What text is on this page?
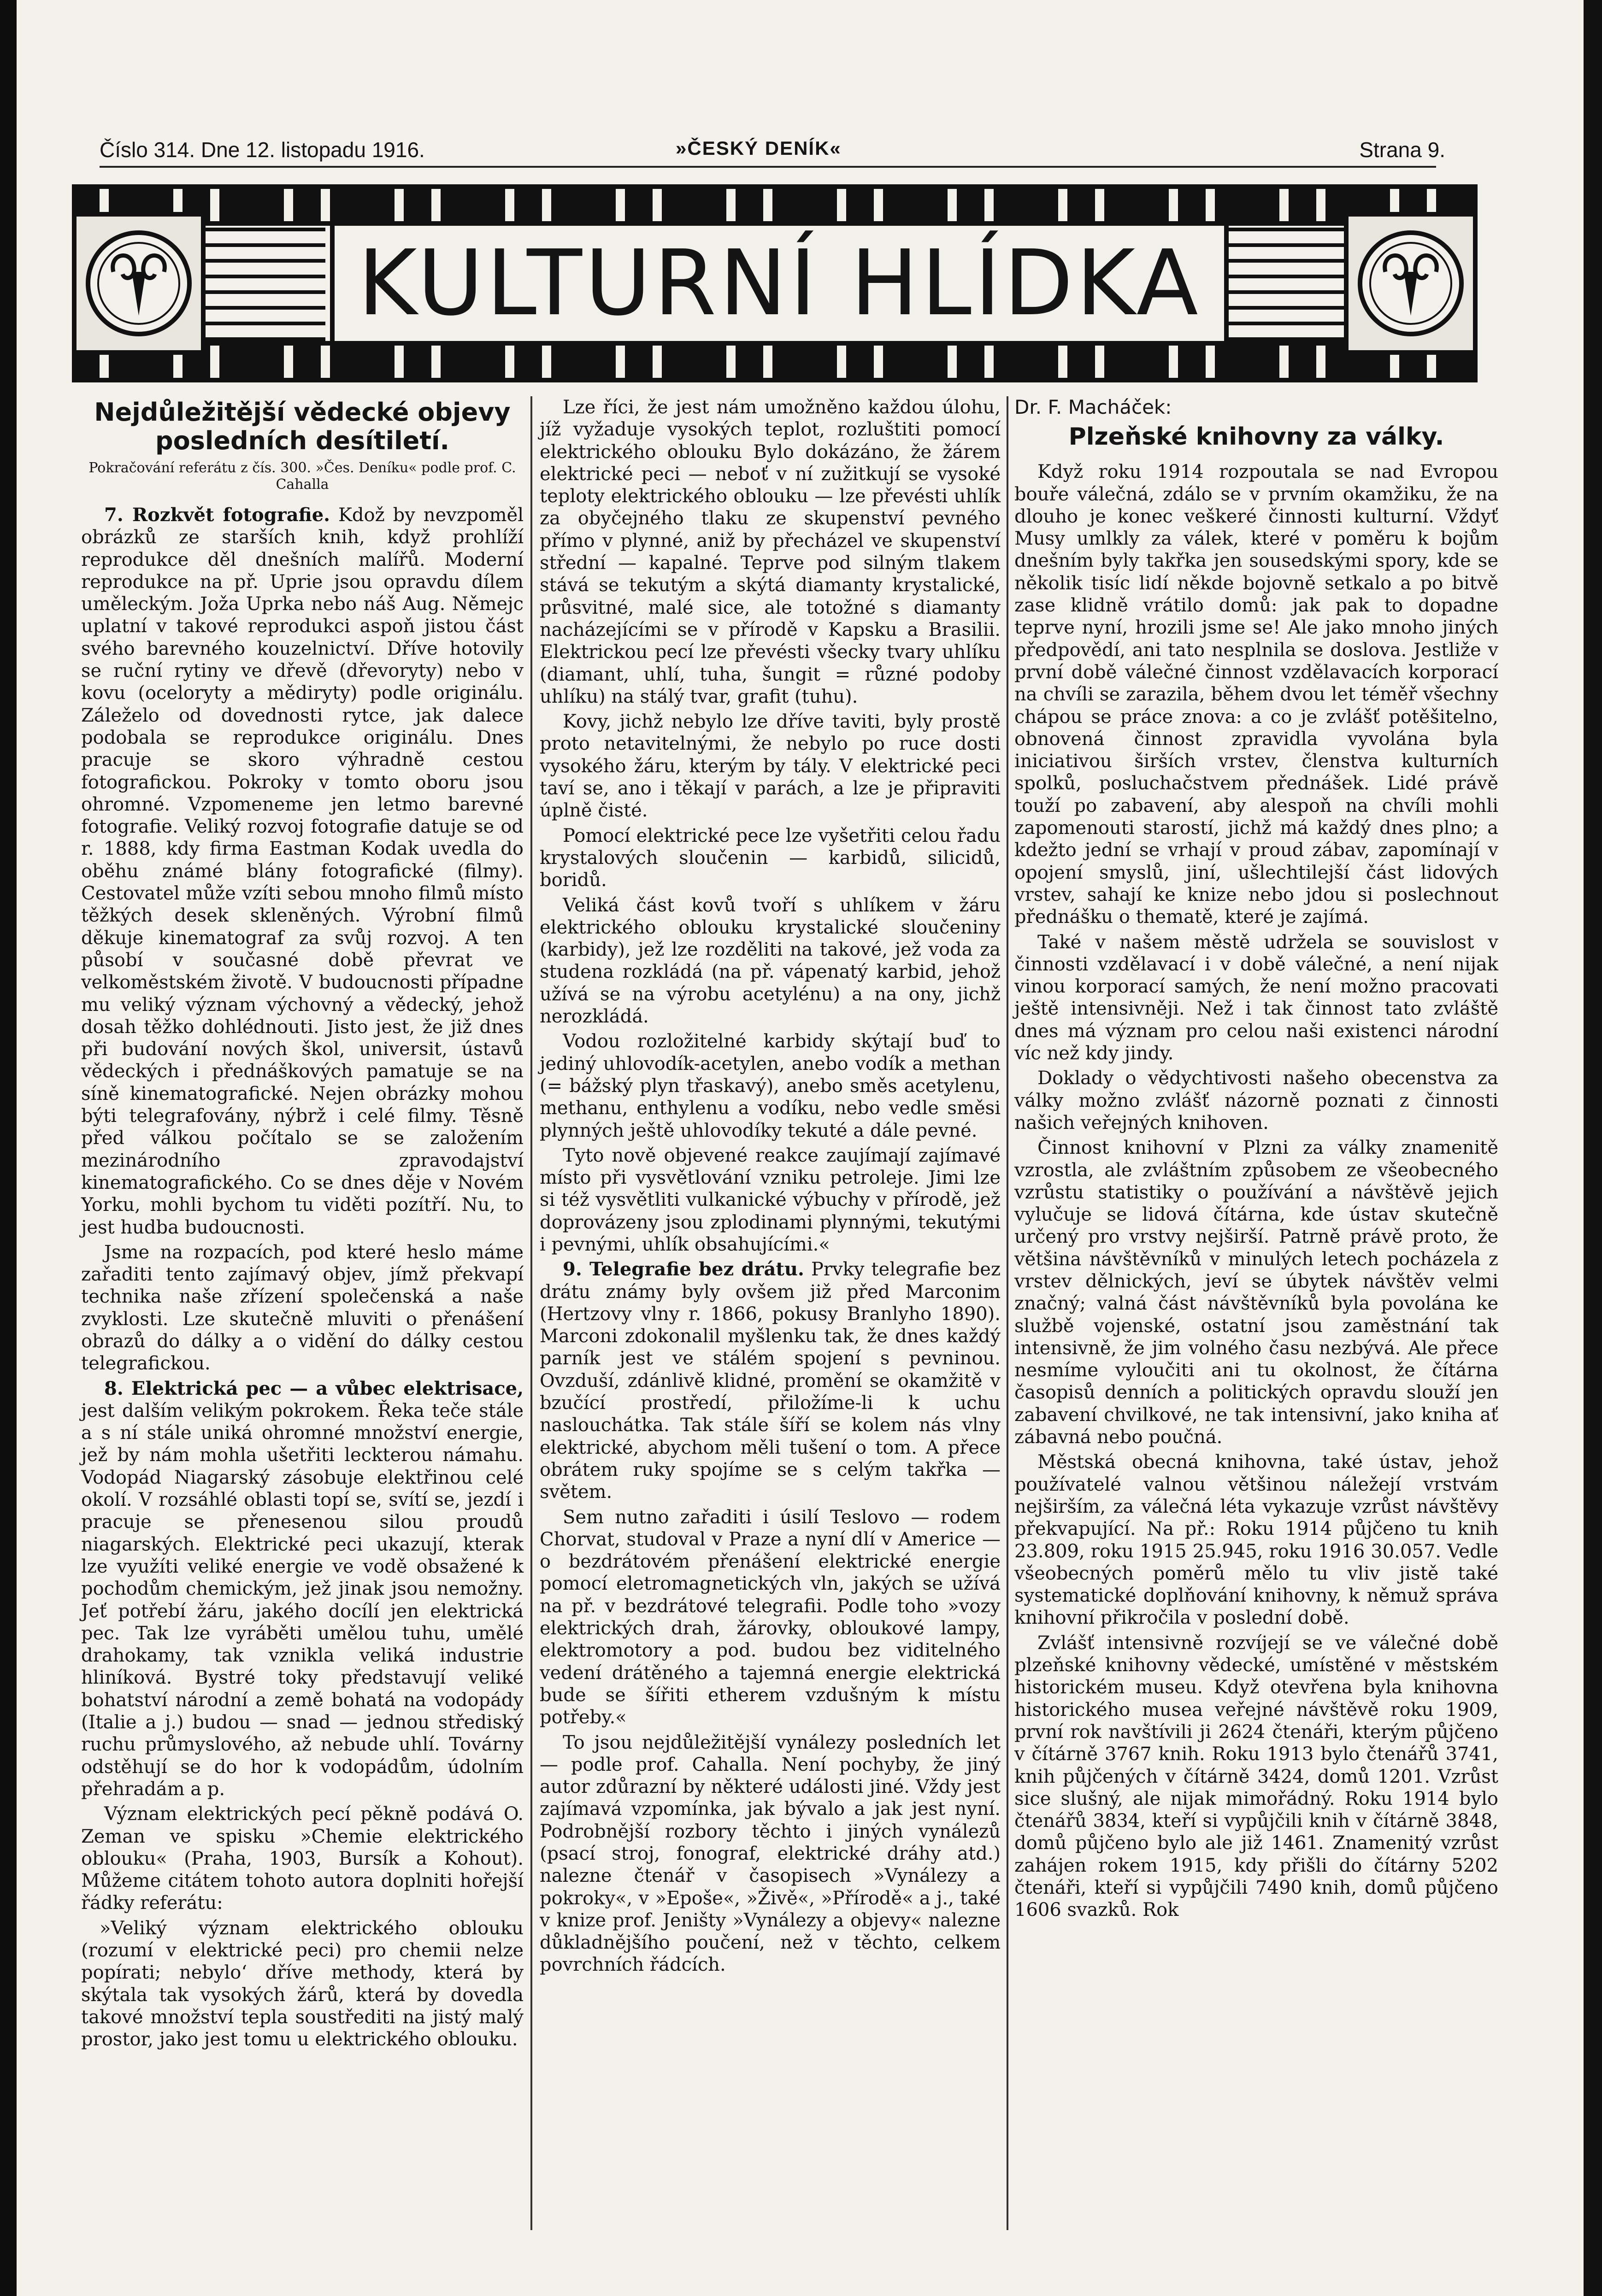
Číslo 314. Dne 12. listopadu 1916.	»ČESKÝ DENÍK«	Strana 9.
KULTURNÍ HLÍDKA
Nejdůležitější vědecké objevy posledních desítiletí.
Pokračování referátu z čís. 300. »Čes. Deníku« podle prof. C. Cahalla

7. Rozkvět fotografie. Kdož by nevzpoměl obrázků ze starších knih, když prohlíží reprodukce děl dnešních malířů. Moderní reprodukce na př. Uprie jsou opravdu dílem uměleckým. Joža Uprka nebo náš Aug. Němejc uplatní v takové reprodukci aspoň jistou část svého barevného kouzelnictví. Dříve hotovily se ruční rytiny ve dřevě (dřevoryty) nebo v kovu (oceloryty a mědiryty) podle originálu. Záleželo od dovednosti rytce, jak dalece podobala se reprodukce originálu. Dnes pracuje se skoro výhradně cestou fotografickou. Pokroky v tomto oboru jsou ohromné. Vzpomeneme jen letmo barevné fotografie. Veliký rozvoj fotografie datuje se od r. 1888, kdy firma Eastman Kodak uvedla do oběhu známé blány fotografické (filmy). Cestovatel může vzíti sebou mnoho filmů místo těžkých desek skleněných. Výrobní filmů děkuje kinematograf za svůj rozvoj. A ten působí v současné době převrat ve velkoměstském životě. V budoucnosti případne mu veliký význam výchovný a vědecký, jehož dosah těžko dohlédnouti. Jisto jest, že již dnes při budování nových škol, universit, ústavů vědeckých i přednáškových pamatuje se na síně kinematografické. Nejen obrázky mohou býti telegrafovány, nýbrž i celé filmy. Těsně před válkou počítalo se se založením mezinárodního zpravodajství kinematografického. Co se dnes děje v Novém Yorku, mohli bychom tu viděti pozítří. Nu, to jest hudba budoucnosti.

Jsme na rozpacích, pod které heslo máme zařaditi tento zajímavý objev, jímž překvapí technika naše zřízení společenská a naše zvyklosti. Lze skutečně mluviti o přenášení obrazů do dálky a o vidění do dálky cestou telegrafickou.

8. Elektrická pec — a vůbec elektrisace, jest dalším velikým pokrokem. Řeka teče stále a s ní stále uniká ohromné množství energie, jež by nám mohla ušetřiti leckterou námahu. Vodopád Niagarský zásobuje elektřinou celé okolí. V rozsáhlé oblasti topí se, svítí se, jezdí i pracuje se přenesenou silou proudů niagarských. Elektrické peci ukazují, kterak lze využíti veliké energie ve vodě obsažené k pochodům chemickým, jež jinak jsou nemožny. Jeť potřebí žáru, jakého docílí jen elektrická pec. Tak lze vyráběti umělou tuhu, umělé drahokamy, tak vznikla veliká industrie hliníková. Bystré toky představují veliké bohatství národní a země bohatá na vodopády (Italie a j.) budou — snad — jednou střediský ruchu průmyslového, až nebude uhlí. Továrny odstěhují se do hor k vodopádům, údolním přehradám a p.

Význam elektrických pecí pěkně podává O. Zeman ve spisku »Chemie elektrického oblouku« (Praha, 1903, Bursík a Kohout). Můžeme citátem tohoto autora doplniti hořejší řádky referátu:

»Veliký význam elektrického oblouku (rozumí v elektrické peci) pro chemii nelze popírati; nebylo‘ dříve methody, která by skýtala tak vysokých žárů, která by dovedla takové množství tepla soustřediti na jistý malý prostor, jako jest tomu u elektrického oblouku.

Lze říci, že jest nám umožněno každou úlohu, jíž vyžaduje vysokých teplot, rozluštiti pomocí elektrického oblouku Bylo dokázáno, že žárem elektrické peci — neboť v ní zužitkují se vysoké teploty elektrického oblouku — lze převésti uhlík za obyčejného tlaku ze skupenství pevného přímo v plynné, aniž by přecházel ve skupenství střední — kapalné. Teprve pod silným tlakem stává se tekutým a skýtá diamanty krystalické, průsvitné, malé sice, ale totožné s diamanty nacházejícími se v přírodě v Kapsku a Brasilii. Elektrickou pecí lze převésti všecky tvary uhlíku (diamant, uhlí, tuha, šungit = různé podoby uhlíku) na stálý tvar, grafit (tuhu).

Kovy, jichž nebylo lze dříve taviti, byly prostě proto netavitelnými, že nebylo po ruce dosti vysokého žáru, kterým by tály. V elektrické peci taví se, ano i těkají v parách, a lze je připraviti úplně čisté.

Pomocí elektrické pece lze vyšetřiti celou řadu krystalových sloučenin — karbidů, silicidů, boridů.

Veliká část kovů tvoří s uhlíkem v žáru elektrického oblouku krystalické sloučeniny (karbidy), jež lze rozděliti na takové, jež voda za studena rozkládá (na př. vápenatý karbid, jehož užívá se na výrobu acetylénu) a na ony, jichž nerozkládá.

Vodou rozložitelné karbidy skýtají buď to jediný uhlovodík-acetylen, anebo vodík a methan (= bážský plyn třaskavý), anebo směs acetylenu, methanu, enthylenu a vodíku, nebo vedle směsi plynných ještě uhlovodíky tekuté a dále pevné.

Tyto nově objevené reakce zaujímají zajímavé místo při vysvětlování vzniku petroleje. Jimi lze si též vysvětliti vulkanické výbuchy v přírodě, jež doprovázeny jsou zplodinami plynnými, tekutými i pevnými, uhlík obsahujícími.«

9. Telegrafie bez drátu. Prvky telegrafie bez drátu známy byly ovšem již před Marconim (Hertzovy vlny r. 1866, pokusy Branlyho 1890). Marconi zdokonalil myšlenku tak, že dnes každý parník jest ve stálém spojení s pevninou. Ovzduší, zdánlivě klidné, promění se okamžitě v bzučící prostředí, přiložíme-li k uchu naslouchátka. Tak stále šíří se kolem nás vlny elektrické, abychom měli tušení o tom. A přece obrátem ruky spojíme se s celým takřka — světem.

Sem nutno zařaditi i úsilí Teslovo — rodem Chorvat, studoval v Praze a nyní dlí v Americe — o bezdrátovém přenášení elektrické energie pomocí eletromagnetických vln, jakých se užívá na př. v bezdrátové telegrafii. Podle toho »vozy elektrických drah, žárovky, obloukové lampy, elektromotory a pod. budou bez viditelného vedení drátěného a tajemná energie elektrická bude se šířiti etherem vzdušným k místu potřeby.«

To jsou nejdůležitější vynálezy posledních let — podle prof. Cahalla. Není pochyby, že jiný autor zdůrazní by některé události jiné. Vždy jest zajímavá vzpomínka, jak bývalo a jak jest nyní. Podrobnější rozbory těchto i jiných vynálezů (psací stroj, fonograf, elektrické dráhy atd.) nalezne čtenář v časopisech »Vynálezy a pokroky«, v »Epoše«, »Živě«, »Přírodě« a j., také v knize prof. Jeništy »Vynálezy a objevy« nalezne důkladnějšího poučení, než v těchto, celkem povrchních řádcích.

Dr. F. Macháček:
Plzeňské knihovny za války.

Když roku 1914 rozpoutala se nad Evropou bouře válečná, zdálo se v prvním okamžiku, že na dlouho je konec veškeré činnosti kulturní. Vždyť Musy umlkly za válek, které v poměru k bojům dnešním byly takřka jen sousedskými spory, kde se několik tisíc lidí někde bojovně setkalo a po bitvě zase klidně vrátilo domů: jak pak to dopadne teprve nyní, hrozili jsme se! Ale jako mnoho jiných předpovědí, ani tato nesplnila se doslova. Jestliže v první době válečné činnost vzdělavacích korporací na chvíli se zarazila, během dvou let téměř všechny chápou se práce znova: a co je zvlášť potěšitelno, obnovená činnost zpravidla vyvolána byla iniciativou širších vrstev, členstva kulturních spolků, posluchačstvem přednášek. Lidé právě touží po zabavení, aby alespoň na chvíli mohli zapomenouti starostí, jichž má každý dnes plno; a kdežto jední se vrhají v proud zábav, zapomínají v opojení smyslů, jiní, ušlechtilejší část lidových vrstev, sahají ke knize nebo jdou si poslechnout přednášku o thematě, které je zajímá.

Také v našem městě udržela se souvislost v činnosti vzdělavací i v době válečné, a není nijak vinou korporací samých, že není možno pracovati ještě intensivněji. Než i tak činnost tato zvláště dnes má význam pro celou naši existenci národní víc než kdy jindy.

Doklady o vědychtivosti našeho obecenstva za války možno zvlášť názorně poznati z činnosti našich veřejných knihoven.

Činnost knihovní v Plzni za války znamenitě vzrostla, ale zvláštním způsobem ze všeobecného vzrůstu statistiky o používání a návštěvě jejich vylučuje se lidová čítárna, kde ústav skutečně určený pro vrstvy nejširší. Patrně právě proto, že většina návštěvníků v minulých letech pocházela z vrstev dělnických, jeví se úbytek návštěv velmi značný; valná část návštěvníků byla povolána ke službě vojenské, ostatní jsou zaměstnání tak intensivně, že jim volného času nezbývá. Ale přece nesmíme vyloučiti ani tu okolnost, že čítárna časopisů denních a politických opravdu slouží jen zabavení chvilkové, ne tak intensivní, jako kniha ať zábavná nebo poučná.

Městská obecná knihovna, také ústav, jehož používatelé valnou většinou náležejí vrstvám nejširším, za válečná léta vykazuje vzrůst návštěvy překvapující. Na př.: Roku 1914 půjčeno tu knih 23.809, roku 1915 25.945, roku 1916 30.057. Vedle všeobecných poměrů mělo tu vliv jistě také systematické doplňování knihovny, k němuž správa knihovní přikročila v poslední době.

Zvlášť intensivně rozvíjejí se ve válečné době plzeňské knihovny vědecké, umístěné v městském historickém museu. Když otevřena byla knihovna historického musea veřejné návštěvě roku 1909, první rok navštívili ji 2624 čtenáři, kterým půjčeno v čítárně 3767 knih. Roku 1913 bylo čtenářů 3741, knih půjčených v čítárně 3424, domů 1201. Vzrůst sice slušný, ale nijak mimořádný. Roku 1914 bylo čtenářů 3834, kteří si vypůjčili knih v čítárně 3848, domů půjčeno bylo ale již 1461. Znamenitý vzrůst zahájen rokem 1915, kdy přišli do čítárny 5202 čtenáři, kteří si vypůjčili 7490 knih, domů půjčeno 1606 svazků. Rok
